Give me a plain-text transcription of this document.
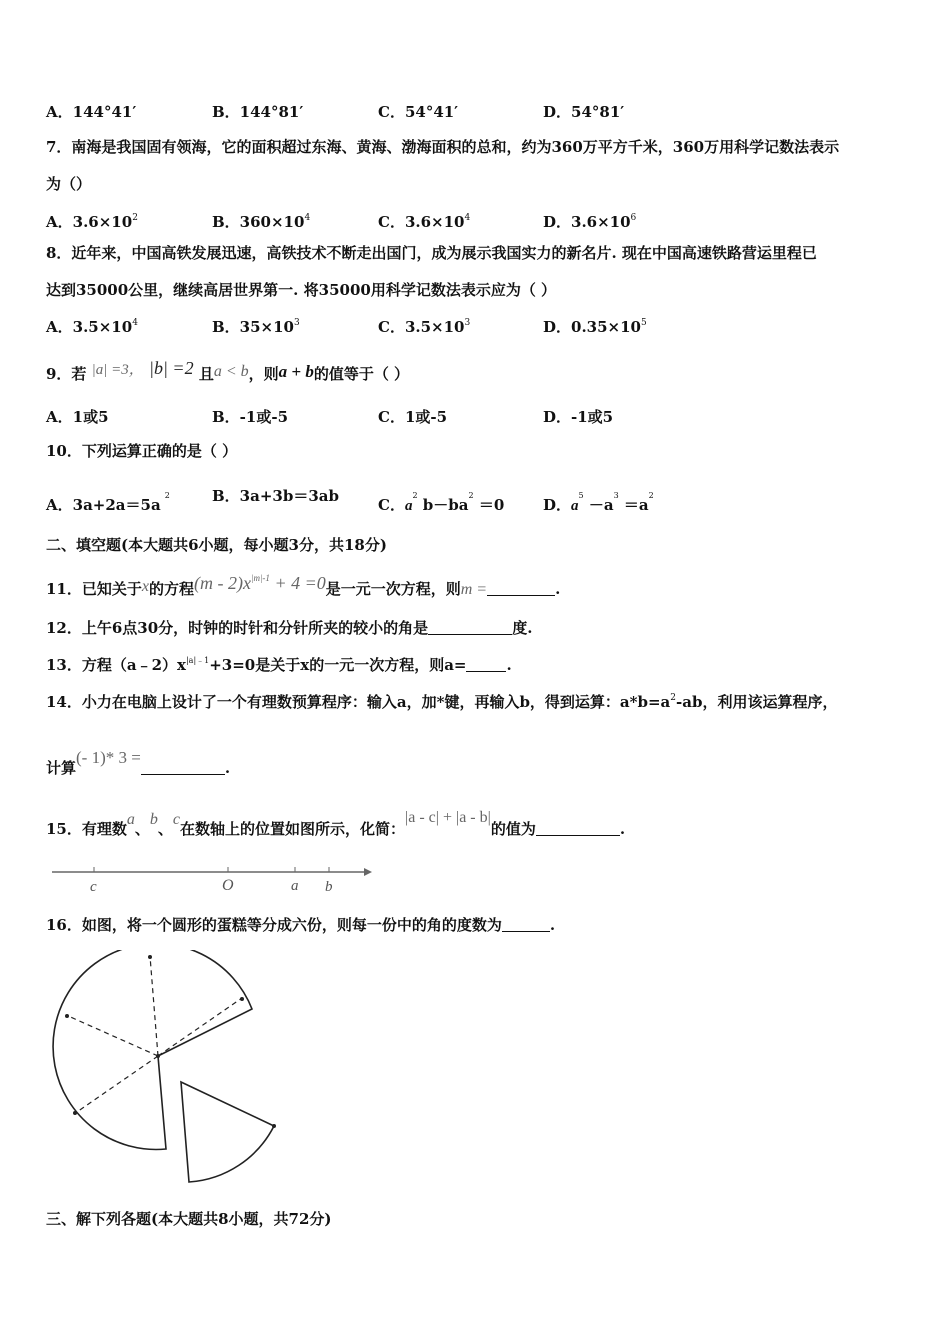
A．144°41′	B．144°81′	C．54°41′	D．54°81′
7．南海是我国固有领海，它的面积超过东海、黄海、渤海面积的总和，约为360万平方千米，360万用科学记数法表示
为（）
A．$3.6\times 10^2$	B．$360\times 10^4$	C．$3.6\times 10^4$	D．$3.6\times 10^6$
8．近年来，中国高铁发展迅速，高铁技术不断走出国门，成为展示我国实力的新名片. 现在中国高速铁路营运里程已
达到35000公里，继续高居世界第一. 将35000用科学记数法表示应为（ ）
A．$3.5\times 10^4$	B．$35\times 10^3$	C．$3.5\times 10^3$	D．$0.35\times 10^5$
9．若 |a| =3， |b| =2 且a < b，则a + b的值等于（ ）
A．1或5	B．-1或-5	C．1或-5	D．-1或5
10．下列运算正确的是（ ）
A．$3a+2a=5a^2$	B．3a+3b＝3ab	C．$a^2$ $b-ba^2 =0$	D．$a^5 -a^3 =a^2$
二、填空题(本大题共6小题，每小题3分，共18分)
11．已知关于x的方程$(m - 2)x^{|m|-1} + 4 =0$是一元一次方程，则m =	.
12．上午6点30分，时钟的时针和分针所夹的较小的角是	度.
13．方程$(a﹣2)x^{|a|﹣1}+3=0$是关于x的一元一次方程，则a=	.
14．小力在电脑上设计了一个有理数预算程序：输入a，加*键，再输入b，得到运算：$a*b=a^2-ab$，利用该运算程序，
计算(- 1)* 3 =.
15．有理数a、b、c在数轴上的位置如图所示，化简：|a - c| + |a - b|的值为	.
c	O	a b
16．如图，将一个圆形的蛋糕等分成六份，则每一份中的角的度数为	.
三、解下列各题(本大题共8小题，共72分)
